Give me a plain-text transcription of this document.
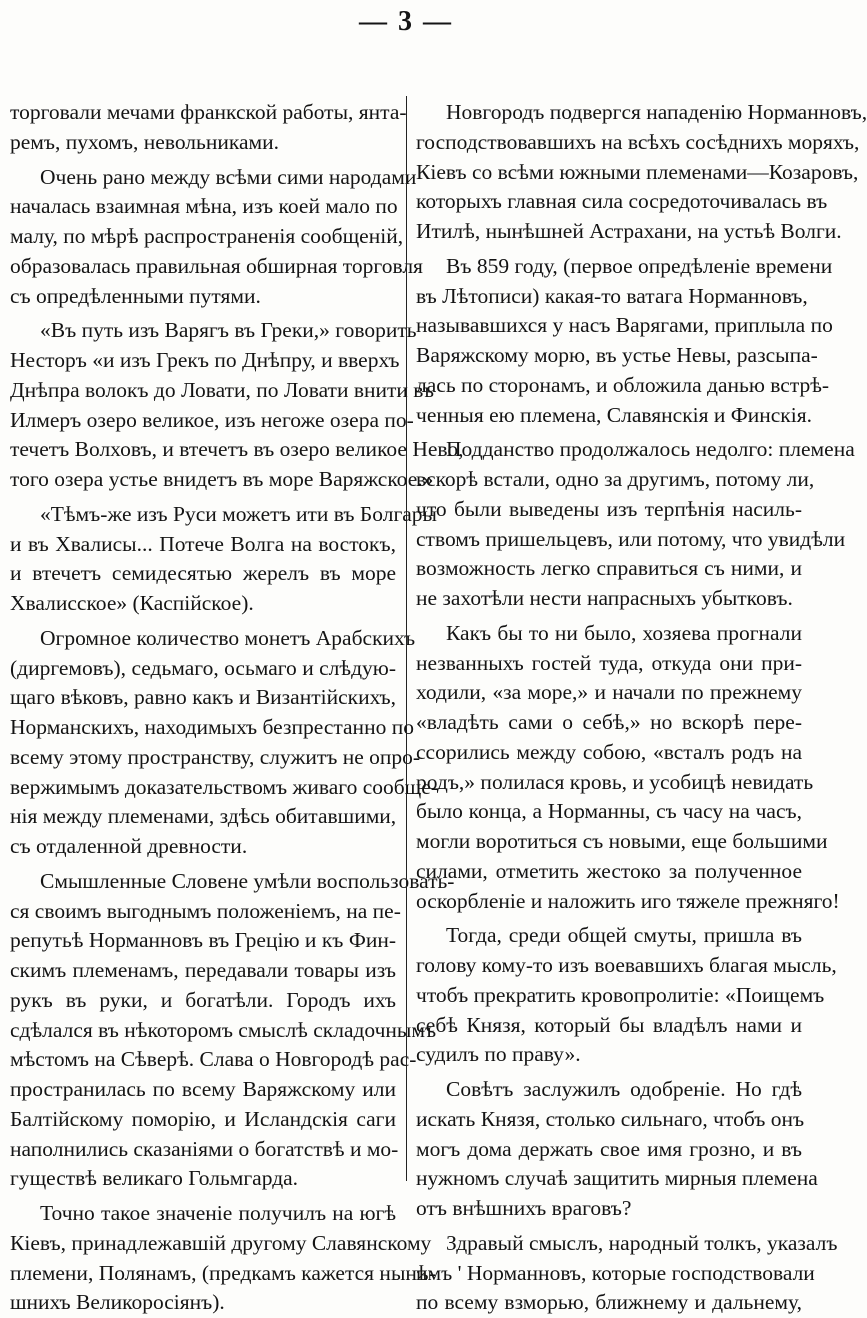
— 3 —
торговали мечами франкской работы, янта-
ремъ, пухомъ, невольниками.
Очень рано между всѣми сими народами
началась взаимная мѣна, изъ коей мало по
малу, по мѣрѣ распространенія сообщеній,
образовалась правильная обширная торговля
съ опредѣленными путями.
«Въ путь изъ Варягъ въ Греки,» говорить
Несторъ «и изъ Грекъ по Днѣпру, и вверхъ
Днѣпра волокъ до Ловати, по Ловати внити въ
Илмеръ озеро великое, изъ негоже озера по-
течетъ Волховъ, и втечетъ въ озеро великое Нево,
того озера устье внидетъ въ море Варяжское.»
«Тѣмъ-же изъ Руси можетъ ити въ Болгары
и въ Хвалисы... Потече Волга на востокъ,
и втечетъ семидесятью жерелъ въ море
Хвалисское» (Каспійское).
Огромное количество монетъ Арабскихъ
(диргемовъ), седьмаго, осьмаго и слѣдую-
щаго вѣковъ, равно какъ и Византійскихъ,
Норманскихъ, находимыхъ безпрестанно по
всему этому пространству, служитъ не опро-
вержимымъ доказательствомъ живаго сообще-
нія между племенами, здѣсь обитавшими,
съ отдаленной древности.
Смышленные Словене умѣли воспользовать-
ся своимъ выгоднымъ положеніемъ, на пе-
репутьѣ Норманновъ въ Грецію и къ Фин-
скимъ племенамъ, передавали товары изъ
рукъ въ руки, и богатѣли. Городъ ихъ
сдѣлался въ нѣкоторомъ смыслѣ складочнымъ
мѣстомъ на Сѣверѣ. Слава о Новгородѣ рас-
пространилась по всему Варяжскому или
Балтійскому поморію, и Исландскія саги
наполнились сказаніями о богатствѣ и мо-
гуществѣ великаго Гольмгарда.
Точно такое значеніе получилъ на югѣ
Кіевъ, принадлежавшій другому Славянскому
племени, Полянамъ, (предкамъ кажется нынѣ-
шнихъ Великоросіянъ).
Новгородъ подвергся нападенію Норманновъ,
господствовавшихъ на всѣхъ сосѣднихъ моряхъ,
Кіевъ со всѣми южными племенами—Козаровъ,
которыхъ главная сила сосредоточивалась въ
Итилѣ, нынѣшней Астрахани, на устьѣ Волги.
Въ 859 году, (первое опредѣленіе времени
въ Лѣтописи) какая-то ватага Норманновъ,
называвшихся у насъ Варягами, приплыла по
Варяжскому морю, въ устье Невы, разсыпа-
лась по сторонамъ, и обложила данью встрѣ-
ченныя ею племена, Славянскія и Финскія.
Подданство продолжалось недолго: племена
вскорѣ встали, одно за другимъ, потому ли,
что были выведены изъ терпѣнія насиль-
ствомъ пришельцевъ, или потому, что увидѣли
возможность легко справиться съ ними, и
не захотѣли нести напрасныхъ убытковъ.
Какъ бы то ни было, хозяева прогнали
незванныхъ гостей туда, откуда они при-
ходили, «за море,» и начали по прежнему
«владѣть сами о себѣ,» но вскорѣ пере-
ссорились между собою, «всталъ родъ на
родъ,» полилася кровь, и усобицѣ невидать
было конца, а Норманны, съ часу на часъ,
могли воротиться съ новыми, еще большими
силами, отметить жестоко за полученное
оскорбленіе и наложить иго тяжеле прежняго!
Тогда, среди общей смуты, пришла въ
голову кому-то изъ воевавшихъ благая мысль,
чтобъ прекратить кровопролитіе: «Поищемъ
себѣ Князя, который бы владѣлъ нами и
судилъ по праву».
Совѣтъ заслужилъ одобреніе. Но гдѣ
искать Князя, столько сильнаго, чтобъ онъ
могъ дома держать свое имя грозно, и въ
нужномъ случаѣ защитить мирныя племена
отъ внѣшнихъ враговъ?
Здравый смыслъ, народный толкъ, указалъ
имъ ' Норманновъ, которые господствовали
по всему взморью, ближнему и дальнему,
